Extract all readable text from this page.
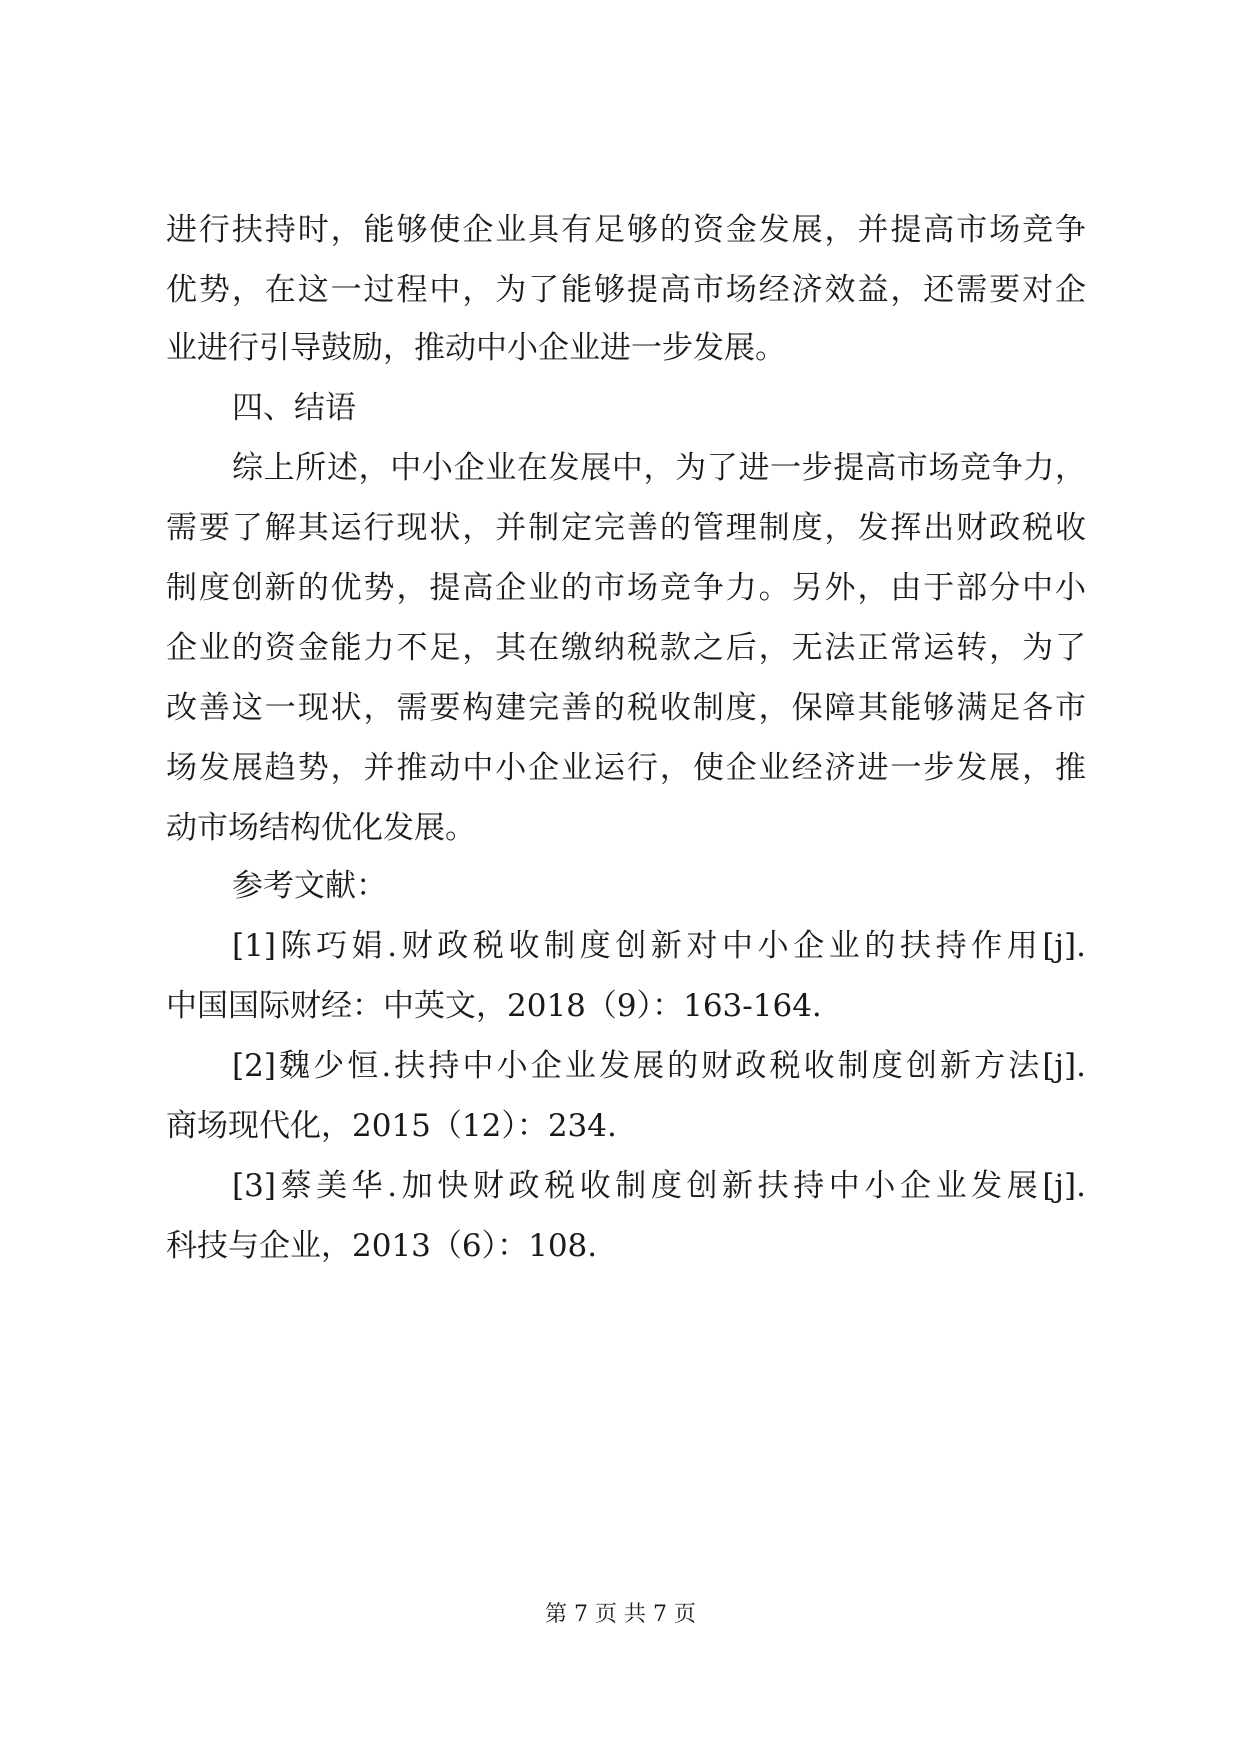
进行扶持时，能够使企业具有足够的资金发展，并提高市场竞争
优势，在这一过程中，为了能够提高市场经济效益，还需要对企
业进行引导鼓励，推动中小企业进一步发展。
四、结语
综上所述，中小企业在发展中，为了进一步提高市场竞争力，
需要了解其运行现状，并制定完善的管理制度，发挥出财政税收
制度创新的优势，提高企业的市场竞争力。另外，由于部分中小
企业的资金能力不足，其在缴纳税款之后，无法正常运转，为了
改善这一现状，需要构建完善的税收制度，保障其能够满足各市
场发展趋势，并推动中小企业运行，使企业经济进一步发展，推
动市场结构优化发展。
参考文献：
[1]陈巧娟.财政税收制度创新对中小企业的扶持作用[j].
中国国际财经：中英文，2018（9）：163-164.
[2]魏少恒.扶持中小企业发展的财政税收制度创新方法[j].
商场现代化，2015（12）：234.
[3]蔡美华.加快财政税收制度创新扶持中小企业发展[j].
科技与企业，2013（6）：108.
第 7 页 共 7 页
